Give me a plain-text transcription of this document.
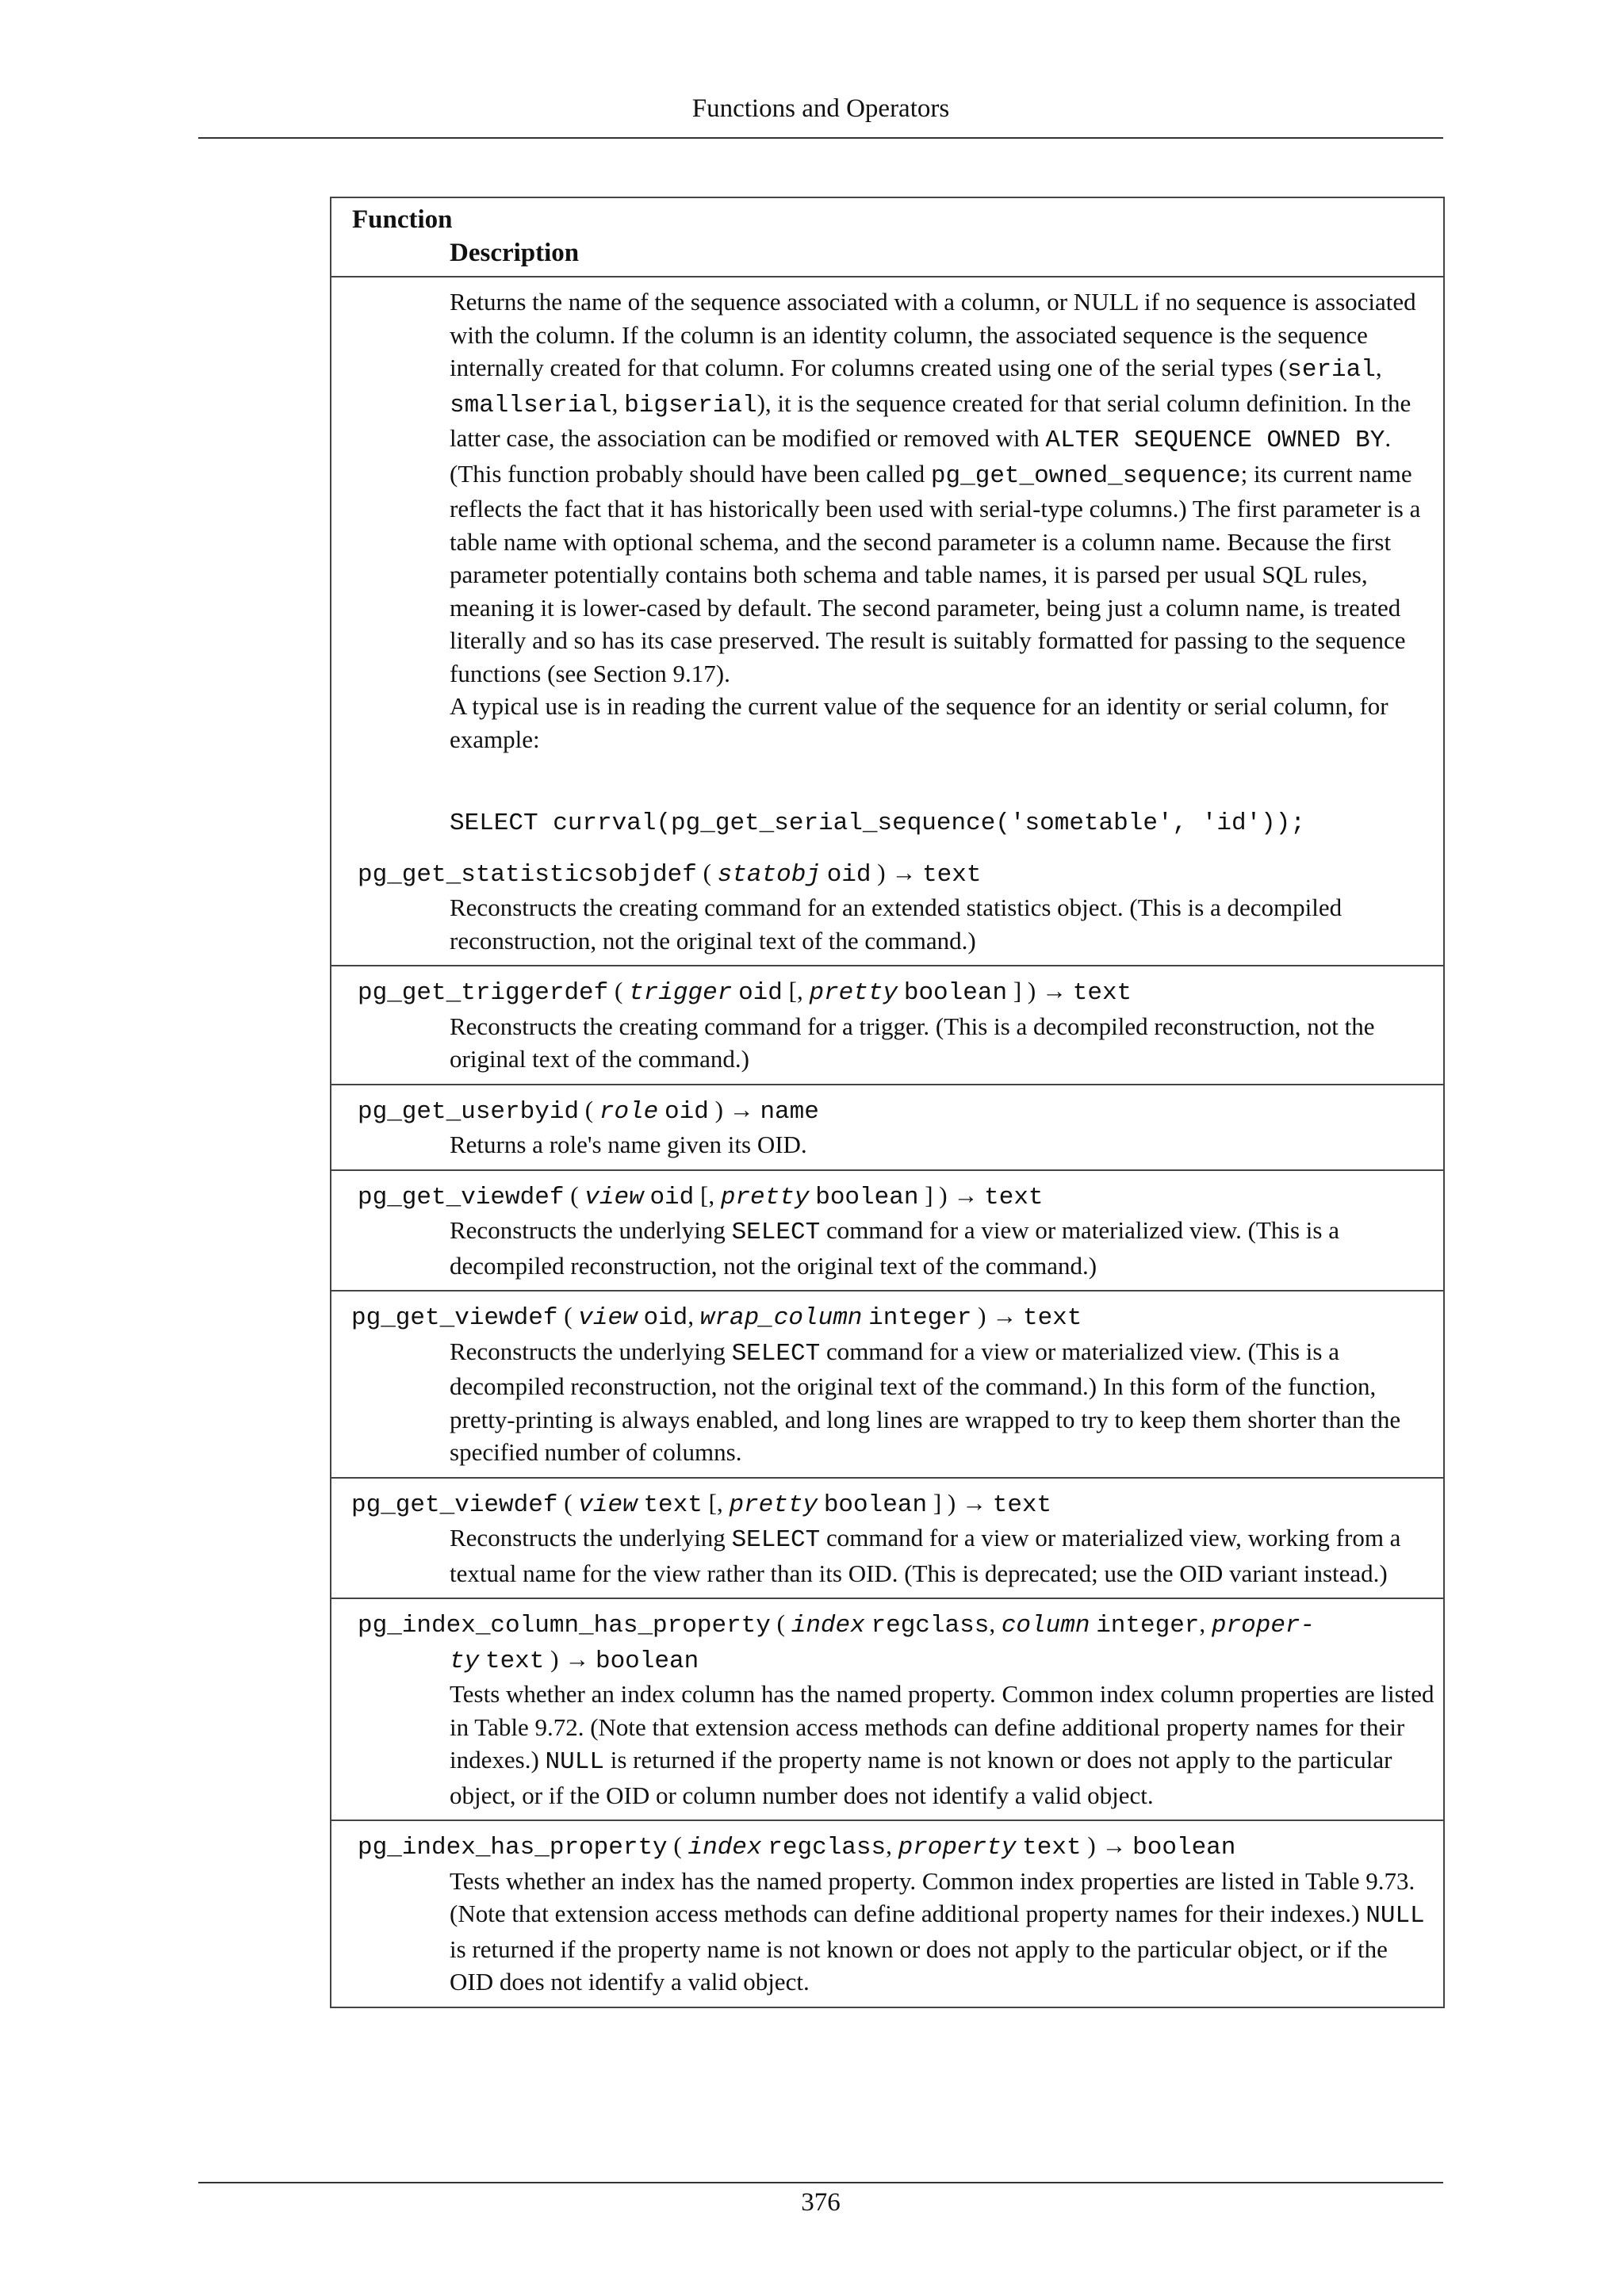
Functions and Operators
Function
Description
Returns the name of the sequence associated with a column, or NULL if no sequence is associated with the column. If the column is an identity column, the associated sequence is the sequence internally created for that column. For columns created using one of the serial types (serial, smallserial, bigserial), it is the sequence created for that serial column definition. In the latter case, the association can be modified or removed with ALTER SEQUENCE OWNED BY. (This function probably should have been called pg_get_owned_sequence; its current name reflects the fact that it has historically been used with serial-type columns.) The first parameter is a table name with optional schema, and the second parameter is a column name. Because the first parameter potentially contains both schema and table names, it is parsed per usual SQL rules, meaning it is lower-cased by default. The second parameter, being just a column name, is treated literally and so has its case preserved. The result is suitably formatted for passing to the sequence functions (see Section 9.17).
A typical use is in reading the current value of the sequence for an identity or serial column, for example:
SELECT currval(pg_get_serial_sequence('sometable', 'id'));
pg_get_statisticsobjdef ( statobj oid ) → text
Reconstructs the creating command for an extended statistics object. (This is a decompiled reconstruction, not the original text of the command.)
pg_get_triggerdef ( trigger oid [, pretty boolean ] ) → text
Reconstructs the creating command for a trigger. (This is a decompiled reconstruction, not the original text of the command.)
pg_get_userbyid ( role oid ) → name
Returns a role's name given its OID.
pg_get_viewdef ( view oid [, pretty boolean ] ) → text
Reconstructs the underlying SELECT command for a view or materialized view. (This is a decompiled reconstruction, not the original text of the command.)
pg_get_viewdef ( view oid, wrap_column integer ) → text
Reconstructs the underlying SELECT command for a view or materialized view. (This is a decompiled reconstruction, not the original text of the command.) In this form of the function, pretty-printing is always enabled, and long lines are wrapped to try to keep them shorter than the specified number of columns.
pg_get_viewdef ( view text [, pretty boolean ] ) → text
Reconstructs the underlying SELECT command for a view or materialized view, working from a textual name for the view rather than its OID. (This is deprecated; use the OID variant instead.)
pg_index_column_has_property ( index regclass, column integer, proper-
ty text ) → boolean
Tests whether an index column has the named property. Common index column properties are listed in Table 9.72. (Note that extension access methods can define additional property names for their indexes.) NULL is returned if the property name is not known or does not apply to the particular object, or if the OID or column number does not identify a valid object.
pg_index_has_property ( index regclass, property text ) → boolean
Tests whether an index has the named property. Common index properties are listed in Table 9.73. (Note that extension access methods can define additional property names for their indexes.) NULL is returned if the property name is not known or does not apply to the particular object, or if the OID does not identify a valid object.
376
